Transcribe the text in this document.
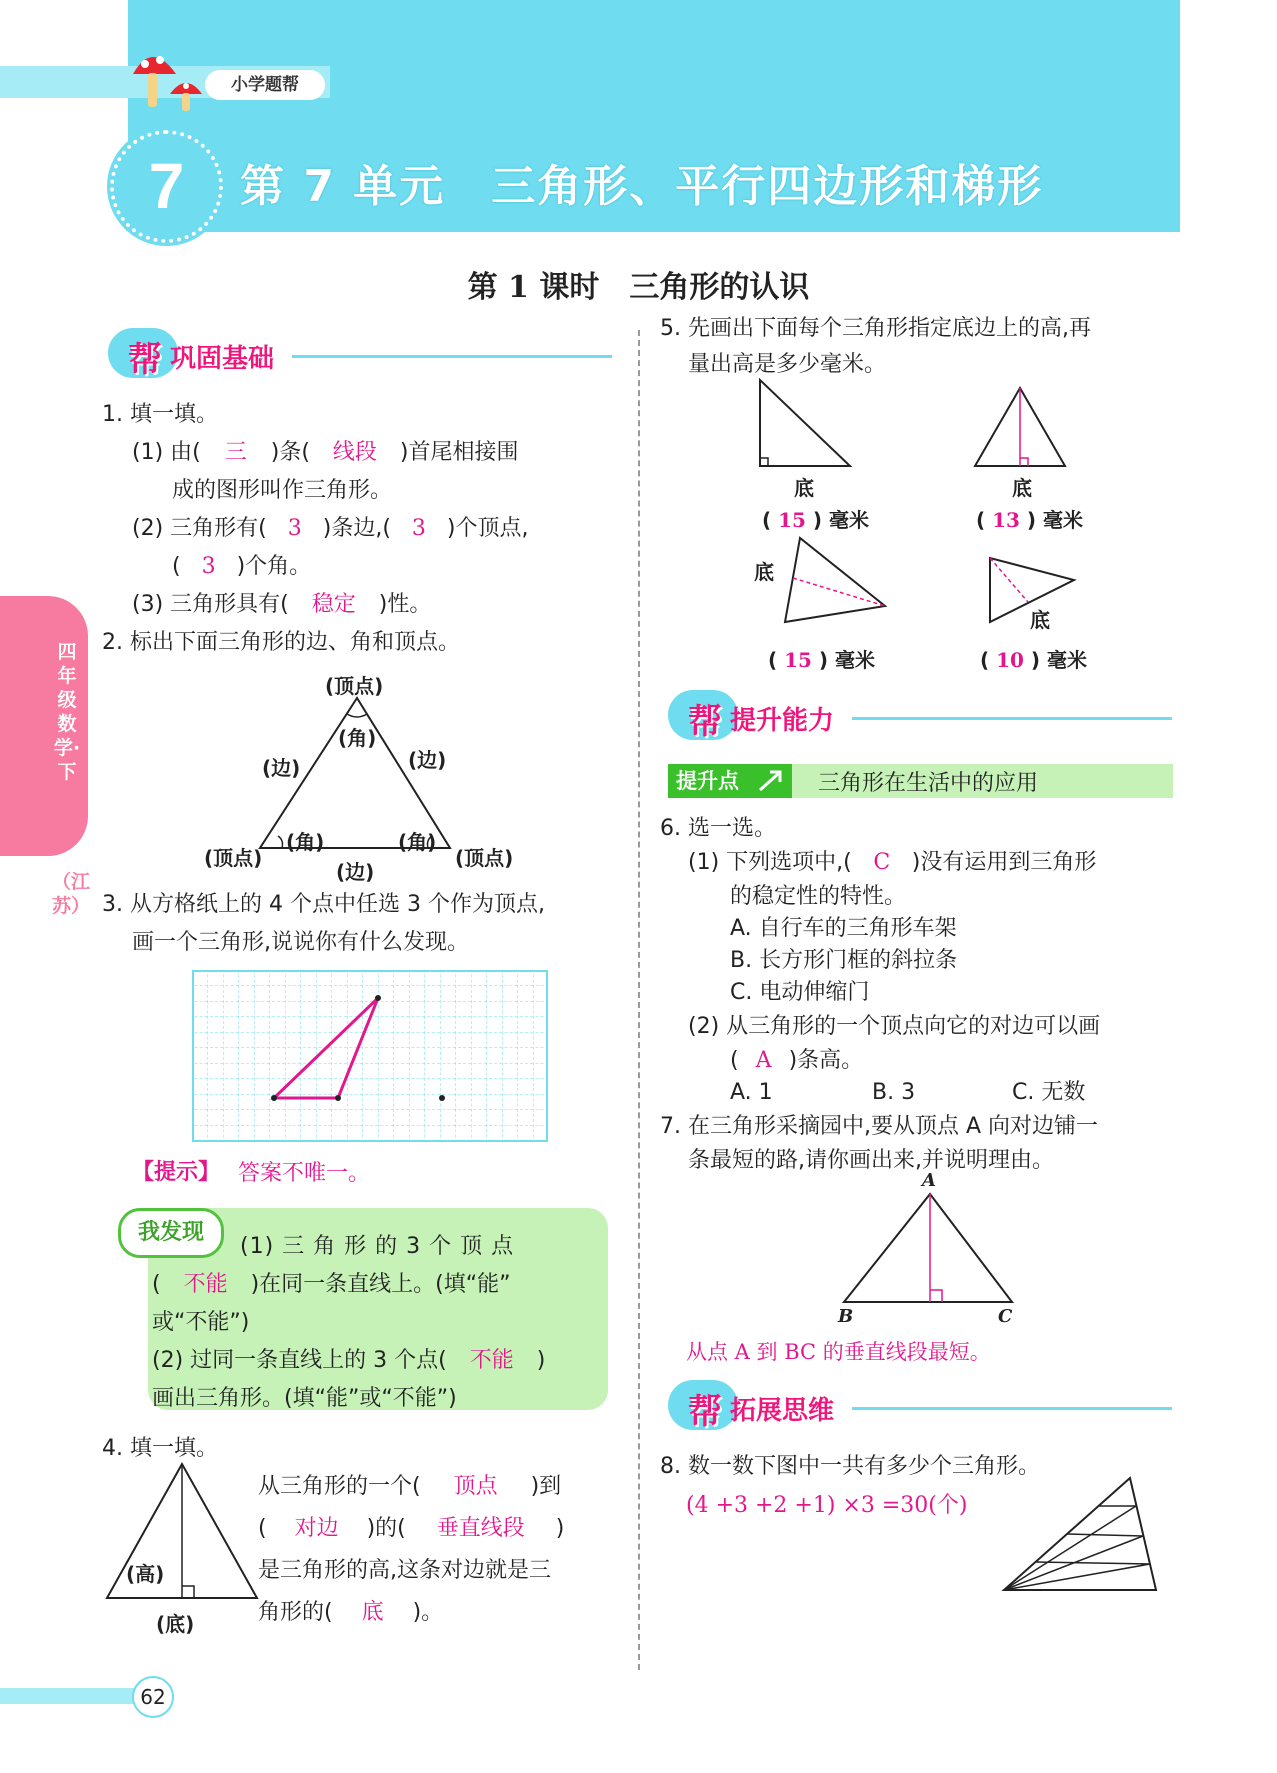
小学题帮
7	第 7 单元　三角形、平行四边形和梯形
第 1 课时　三角形的认识
四年级数学·下
（江苏）
帮 巩固基础
1. 填一填。
(1) 由( 三 )条( 线段 )首尾相接围
成的图形叫作三角形。
(2) 三角形有( 3 )条边,( 3 )个顶点,
( 3 )个角。
(3) 三角形具有( 稳定 )性。
2. 标出下面三角形的边、角和顶点。
(顶点)
(角)
(边)	(边)
(角)	(角)
(顶点)	(顶点)
(边)
3. 从方格纸上的 4 个点中任选 3 个作为顶点,
画一个三角形,说说你有什么发现。
【提示】 答案不唯一。
我发现
(1) 三 角 形 的 3 个 顶 点
( 不能 )在同一条直线上。(填“能”
或“不能”)
(2) 过同一条直线上的 3 个点( 不能 )
画出三角形。(填“能”或“不能”)
4. 填一填。
(高)
(底)
从三角形的一个( 顶点 )到
( 对边 )的( 垂直线段 )
是三角形的高,这条对边就是三
角形的( 底 )。
5. 先画出下面每个三角形指定底边上的高,再
量出高是多少毫米。
底
( 15 ) 毫米
底
( 13 ) 毫米
底
( 15 ) 毫米
底
( 10 ) 毫米
帮 提升能力
提升点	三角形在生活中的应用
6. 选一选。
(1) 下列选项中,( C )没有运用到三角形
的稳定性的特性。
A. 自行车的三角形车架
B. 长方形门框的斜拉条
C. 电动伸缩门
(2) 从三角形的一个顶点向它的对边可以画
( A )条高。
A. 1	B. 3	C. 无数
7. 在三角形采摘园中,要从顶点 A 向对边铺一
条最短的路,请你画出来,并说明理由。
A
B	C
从点 A 到 BC 的垂直线段最短。
帮 拓展思维
8. 数一数下图中一共有多少个三角形。
(4 +3 +2 +1) ×3 =30(个)
62
